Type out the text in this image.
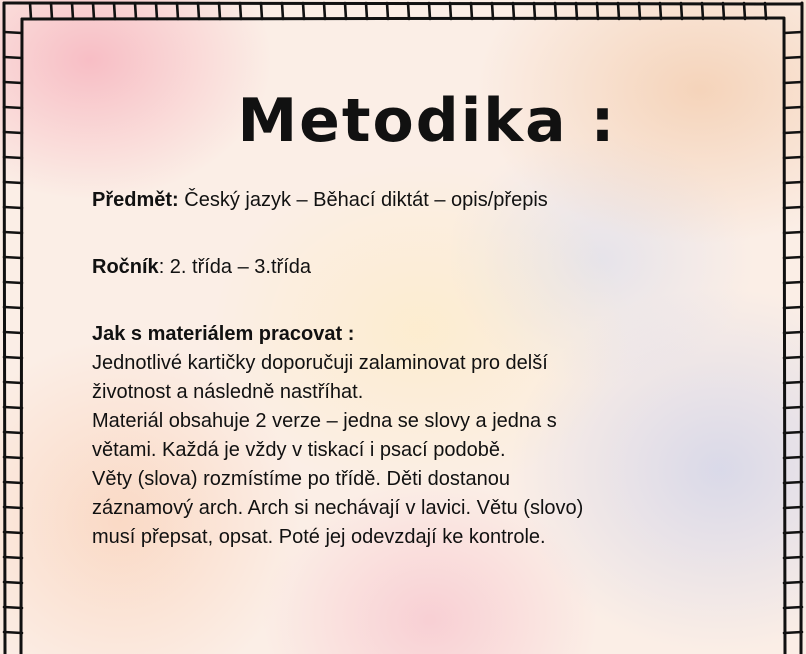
Metodika :

Předmět: Český jazyk – Běhací diktát – opis/přepis

Ročník: 2. třída – 3.třída

Jak s materiálem pracovat :
Jednotlivé kartičky doporučuji zalaminovat pro delší
životnost a následně nastříhat.
Materiál obsahuje 2 verze – jedna se slovy a jedna s
větami. Každá je vždy v tiskací i psací podobě.
Věty (slova) rozmístíme po třídě. Děti dostanou
záznamový arch. Arch si nechávají v lavici. Větu (slovo)
musí přepsat, opsat. Poté jej odevzdají ke kontrole.
